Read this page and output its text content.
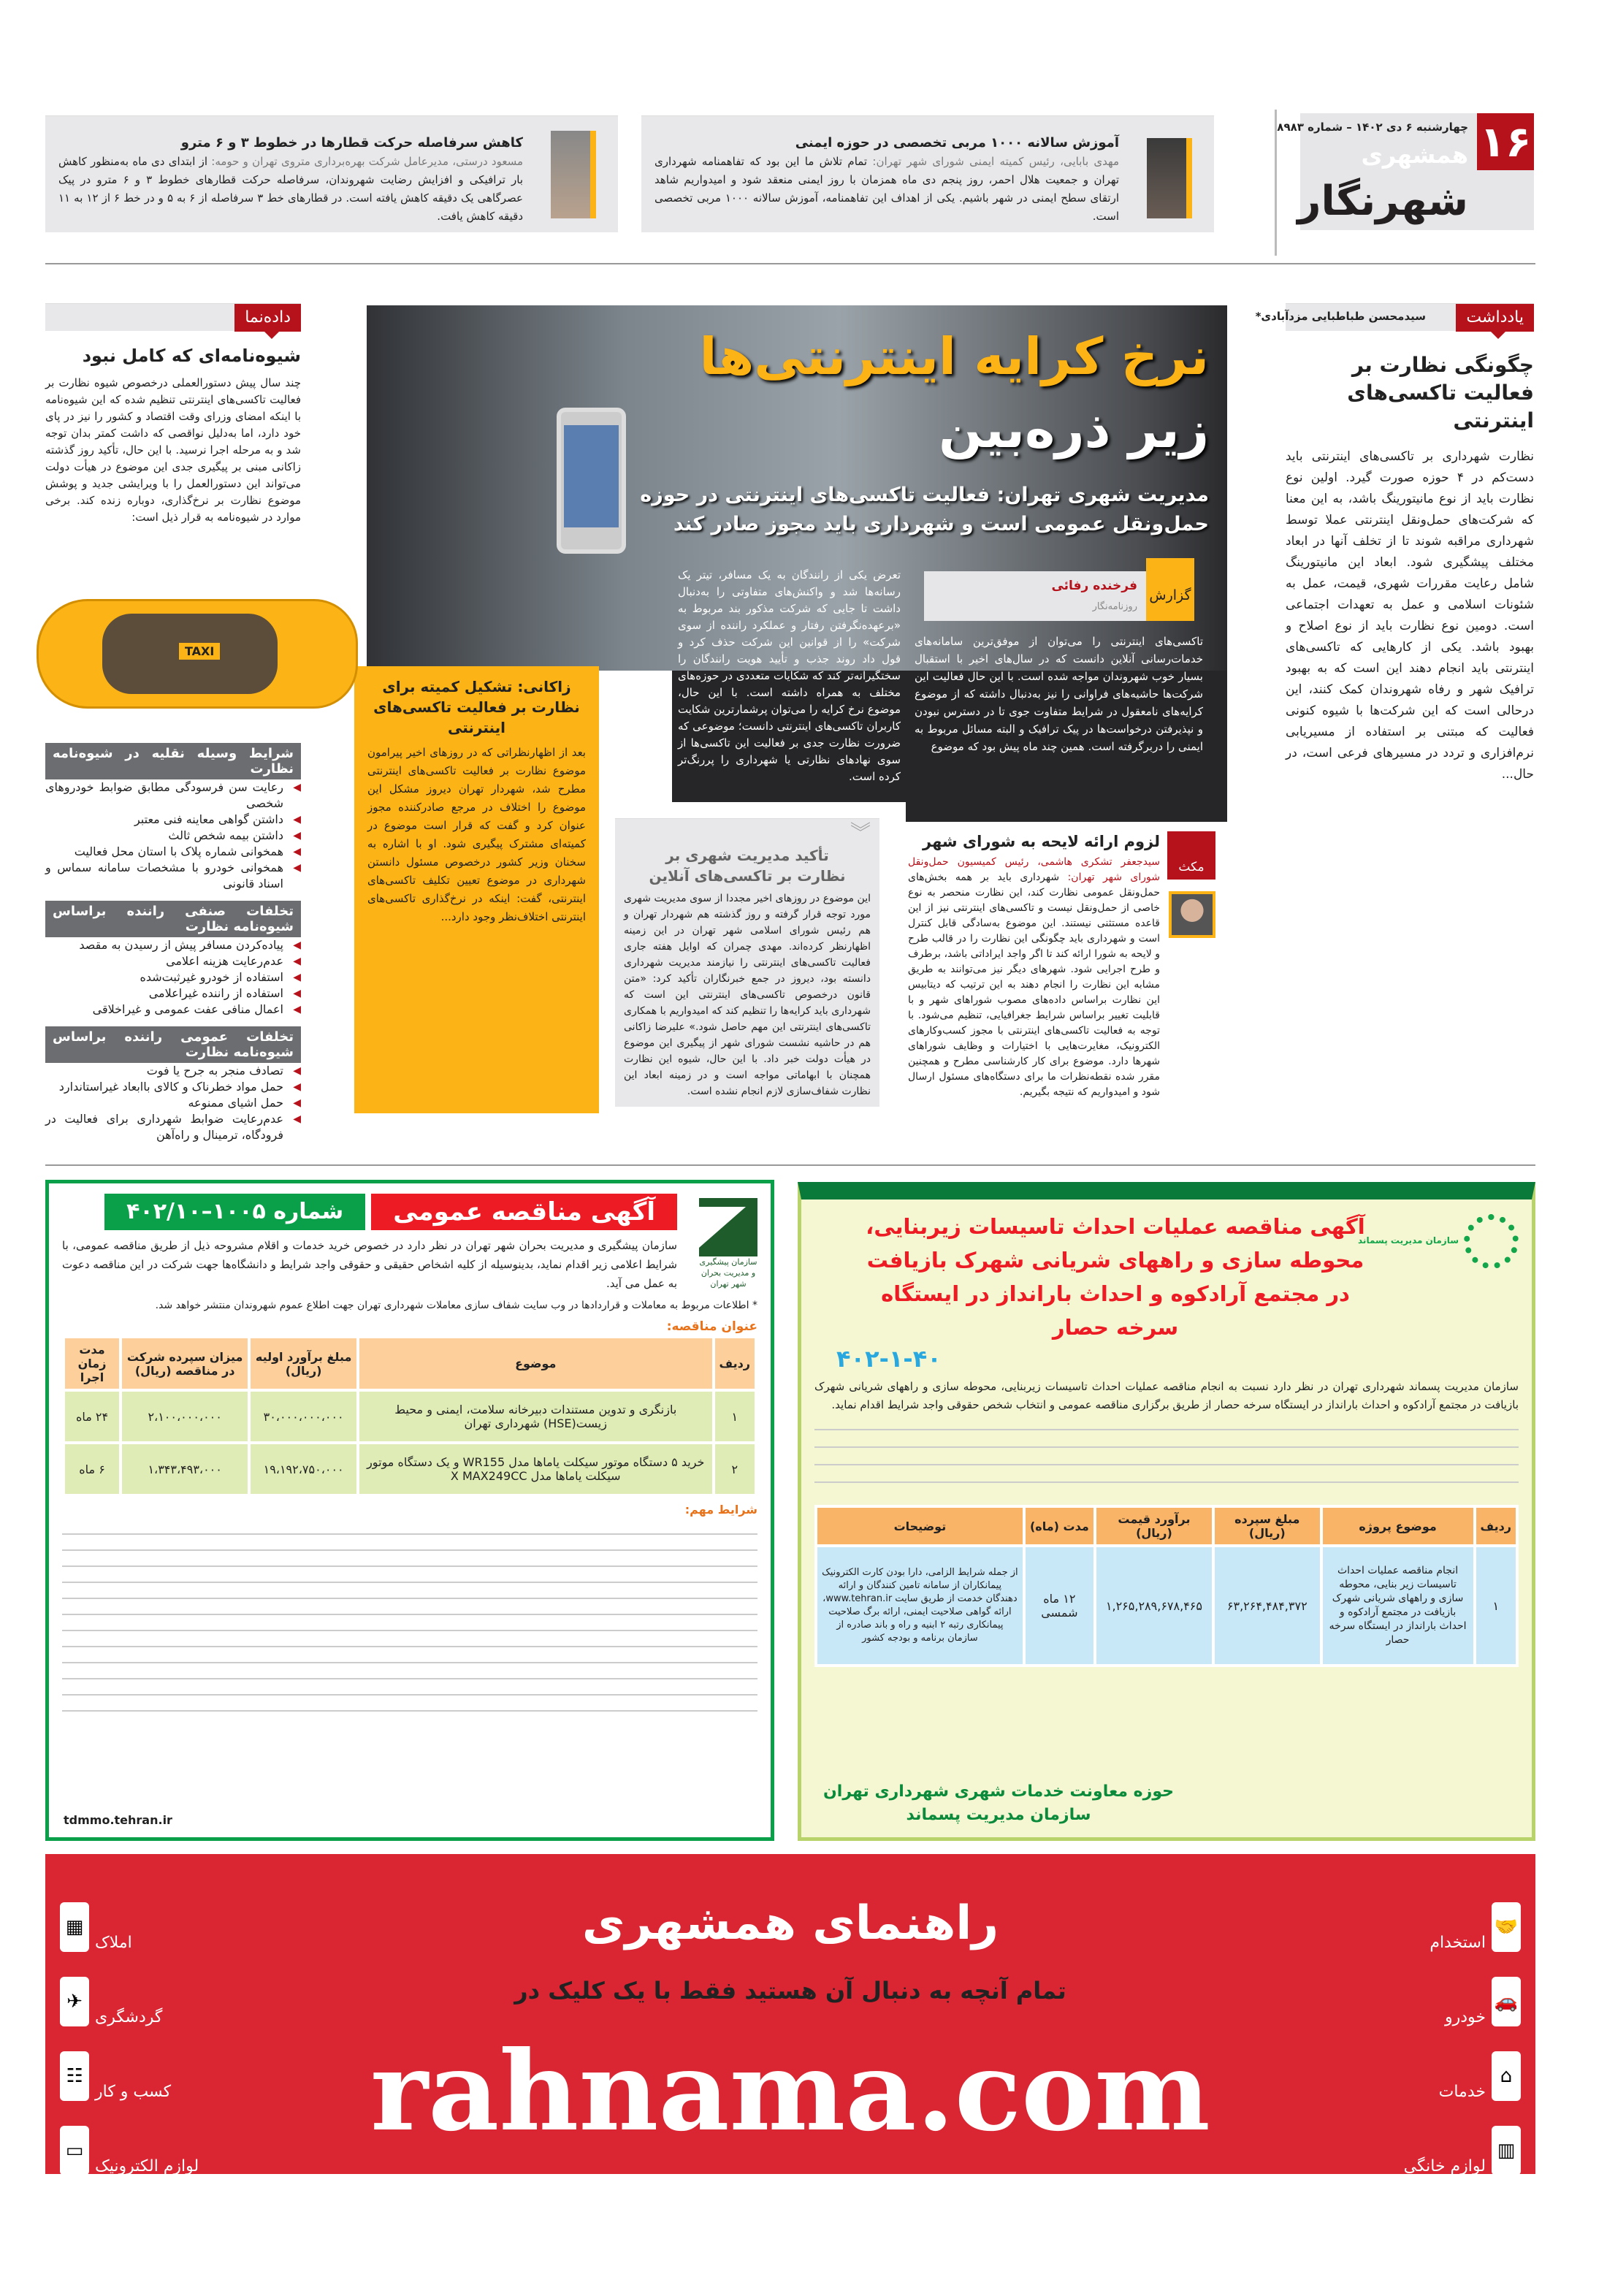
۱۶
چهارشنبه ۶ دی ۱۴۰۲ – شماره ۸۹۸۳
همشهری
شهرنگار
آموزش سالانه ۱۰۰۰ مربی تخصصی در حوزه ایمنی
مهدی بابایی، رئیس کمیته ایمنی شورای شهر تهران: تمام تلاش ما این بود که تفاهمنامه شهرداری تهران و جمعیت هلال احمر، روز پنجم دی ماه همزمان با روز ایمنی منعقد شود و امیدواریم شاهد ارتقای سطح ایمنی در شهر باشیم. یکی از اهداف این تفاهمنامه، آموزش سالانه ۱۰۰۰ مربی تخصصی است.
کاهش سرفاصله حرکت قطارها در خطوط ۳ و ۶ مترو
مسعود درستی، مدیرعامل شرکت بهره‌برداری متروی تهران و حومه: از ابتدای دی ماه به‌منظور کاهش بار ترافیکی و افزایش رضایت شهروندان، سرفاصله حرکت قطارهای خطوط ۳ و ۶ مترو در پیک عصرگاهی یک دقیقه کاهش یافته است. در قطارهای خط ۳ سرفاصله از ۶ به ۵ و در خط ۶ از ۱۲ به ۱۱ دقیقه کاهش یافت.
یادداشت
سیدمحسن طباطبایی مزدآبادی*
چگونگی نظارت بر فعالیت تاکسی‌های اینترنتی

نظارت شهرداری بر تاکسی‌های اینترنتی باید دست‌کم در ۴ حوزه صورت گیرد. اولین نوع نظارت باید از نوع مانیتورینگ باشد، به این معنا که شرکت‌های حمل‌ونقل اینترنتی عملا توسط شهرداری مراقبه شوند تا از تخلف آنها در ابعاد مختلف پیشگیری شود. ابعاد این مانیتورینگ شامل رعایت مقررات شهری، قیمت، عمل به شئونات اسلامی و عمل به تعهدات اجتماعی است. دومین نوع نظارت باید از نوع اصلاح و بهبود باشد. یکی از کارهایی که تاکسی‌های اینترنتی باید انجام دهند این است که به بهبود ترافیک شهر و رفاه شهروندان کمک کنند، این درحالی است که این شرکت‌ها با شیوه کنونی فعالیت که مبتنی بر استفاده از مسیریابی نرم‌افزاری و تردد در مسیرهای فرعی است، در حال...

نرخ کرایه اینترنتی‌ها
زیر ذره‌بین
مدیریت شهری تهران: فعالیت تاکسی‌های اینترنتی در حوزه حمل‌ونقل عمومی است و شهرداری باید مجوز صادر کند
گزارش
فرخنده رفائی
روزنامه‌نگار
تاکسی‌های اینترنتی را می‌توان از موفق‌ترین سامانه‌های خدمات‌رسانی آنلاین دانست که در سال‌های اخیر با استقبال بسیار خوب شهروندان مواجه شده است. با این حال فعالیت این شرکت‌ها حاشیه‌های فراوانی را نیز به‌دنبال داشته که از موضوع کرایه‌های نامعقول در شرایط متفاوت جوی تا در دسترس نبودن و نپذیرفتن درخواست‌ها در پیک ترافیک و البته مسائل مربوط به ایمنی را دربرگرفته است. همین چند ماه پیش بود که موضوع
تعرض یکی از رانندگان به یک مسافر، تیتر یک رسانه‌ها شد و واکنش‌های متفاوتی را به‌دنبال داشت تا جایی که شرکت مذکور بند مربوط به «برعهده‌نگرفتن رفتار و عملکرد راننده از سوی شرکت» را از قوانین این شرکت حذف کرد و قول داد روند جذب و تأیید هویت رانندگان را سختگیرانه‌تر کند که شکایات متعددی در حوزه‌های مختلف به همراه داشته است. با این حال، موضوع نرخ کرایه را می‌توان پرشمارترین شکایت کاربران تاکسی‌های اینترنتی دانست؛ موضوعی که ضرورت نظارت جدی بر فعالیت این تاکسی‌ها از سوی نهادهای نظارتی یا شهرداری را پررنگ‌تر کرده است.
مکث
لزوم ارائه لایحه به شورای شهر
سیدجعفر تشکری هاشمی، رئیس کمیسیون حمل‌ونقل شورای شهر تهران: شهرداری باید بر همه بخش‌های حمل‌ونقل عمومی نظارت کند، این نظارت منحصر به نوع خاصی از حمل‌ونقل نیست و تاکسی‌های اینترنتی نیز از این قاعده مستثنی نیستند. این موضوع به‌سادگی قابل کنترل است و شهرداری باید چگونگی این نظارت را در قالب طرح و لایحه به شورا ارائه کند تا اگر واجد ایراداتی باشد، برطرف و طرح اجرایی شود. شهرهای دیگر نیز می‌توانند به طریق مشابه این نظارت را انجام دهند به این ترتیب که دیتابیس این نظارت براساس داده‌های مصوب شوراهای شهر و با قابلیت تغییر براساس شرایط جغرافیایی، تنظیم می‌شود. با توجه به فعالیت تاکسی‌های اینترنتی با مجوز کسب‌وکارهای الکترونیک، مغایرت‌هایی با اختیارات و وظایف شوراهای شهرها دارد. موضوع برای کار کارشناسی مطرح و همچنین مقرر شده نقطه‌نظرات ما برای دستگاه‌های مسئول ارسال شود و امیدواریم که نتیجه بگیریم.
︾
تأکید مدیریت شهری بر نظارت بر تاکسی‌های آنلاین
این موضوع در روزهای اخیر مجددا از سوی مدیریت شهری مورد توجه قرار گرفته و روز گذشته هم شهردار تهران و هم رئیس شورای اسلامی شهر تهران در این زمینه اظهارنظر کرده‌اند. مهدی چمران که اوایل هفته جاری فعالیت تاکسی‌های اینترنتی را نیازمند مدیریت شهرداری دانسته بود، دیروز در جمع خبرنگاران تأکید کرد: «متن قانون درخصوص تاکسی‌های اینترنتی این است که شهرداری باید کرایه‌ها را تنظیم کند که امیدواریم با همکاری تاکسی‌های اینترنتی این مهم حاصل شود.» علیرضا زاکانی هم در حاشیه نشست شورای شهر از پیگیری این موضوع در هیأت دولت خبر داد. با این حال، شیوه این نظارت همچنان با ابهاماتی مواجه است و در زمینه ابعاد این نظارت شفاف‌سازی لازم انجام نشده است.
زاکانی: تشکیل کمیته برای نظارت بر فعالیت تاکسی‌های اینترنتی
بعد از اظهارنظراتی که در روزهای اخیر پیرامون موضوع نظارت بر فعالیت تاکسی‌های اینترنتی مطرح شد، شهردار تهران دیروز مشکل این موضوع را اختلاف در مرجع صادرکننده مجوز عنوان کرد و گفت که قرار است موضوع در کمیته‌ای مشترک پیگیری شود. او با اشاره به سخنان وزیر کشور درخصوص مسئول دانستن شهرداری در موضوع تعیین تکلیف تاکسی‌های اینترنتی، گفت: اینکه در نرخ‌گذاری تاکسی‌های اینترنتی اختلاف‌نظر وجود دارد...
داده‌نما
شیوه‌نامه‌ای که کامل نبود

چند سال پیش دستورالعملی درخصوص شیوه نظارت بر فعالیت تاکسی‌های اینترنتی تنظیم شده که این شیوه‌نامه با اینکه امضای وزرای وقت اقتصاد و کشور را نیز در پای خود دارد، اما به‌دلیل نواقصی که داشت کمتر بدان توجه شد و به مرحله اجرا نرسید. با این حال، تأکید روز گذشته زاکانی مبنی بر پیگیری جدی این موضوع در هیأت دولت می‌تواند این دستورالعمل را با ویرایشی جدید و پوشش موضوع نظارت بر نرخ‌گذاری، دوباره زنده کند. برخی موارد در شیوه‌نامه به قرار ذیل است:

TAXI
شرایط وسیله نقلیه در شیوه‌نامه نظارت
◀ رعایت سن فرسودگی مطابق ضوابط خودروهای شخصی
◀ داشتن گواهی معاینه فنی معتبر
◀ داشتن بیمه شخص ثالث
◀ همخوانی شماره پلاک با استان محل فعالیت
◀ همخوانی خودرو با مشخصات سامانه سماس و اسناد قانونی
تخلفات صنفی راننده براساس شیوه‌نامه نظارت
◀ پیاده‌کردن مسافر پیش از رسیدن به مقصد
◀ عدم‌رعایت هزینه اعلامی
◀ استفاده از خودرو غیرثبت‌شده
◀ استفاده از راننده غیراعلامی
◀ اعمال منافی عفت عمومی و غیراخلاقی
تخلفات عمومی راننده براساس شیوه‌نامه نظارت
◀ تصادف منجر به جرح یا فوت
◀ حمل مواد خطرناک و کالای باابعاد غیراستاندارد
◀ حمل اشیای ممنوعه
◀ عدم‌رعایت ضوابط شهرداری برای فعالیت در فرودگاه، ترمینال و راه‌آهن
سازمان پیشگیری و مدیریت بحران شهر تهران
آگهی مناقصه عمومی
شماره ۱۰۰۵–۴۰۲/۱۰

سازمان پیشگیری و مدیریت بحران شهر تهران در نظر دارد در خصوص خرید خدمات و اقلام مشروحه ذیل از طریق مناقصه عمومی، با شرایط اعلامی زیر اقدام نماید، بدینوسیله از کلیه اشخاص حقیقی و حقوقی واجد شرایط و دانشگاه‌ها جهت شرکت در این مناقصه دعوت به عمل می آید.

* اطلاعات مربوط به معاملات و قراردادها در وب سایت شفاف سازی معاملات شهرداری تهران جهت اطلاع عموم شهروندان منتشر خواهد شد.

عنوان مناقصه:
ردیف	موضوع	مبلغ برآورد اولیه (ریال)	میزان سپرده شرکت در مناقصه (ریال)	مدت زمان اجرا
۱	بازنگری و تدوین مستندات دبیرخانه سلامت، ایمنی و محیط زیست(HSE) شهرداری تهران	۳۰،۰۰۰،۰۰۰،۰۰۰	۲،۱۰۰،۰۰۰،۰۰۰	۲۴ ماه
۲	خرید ۵ دستگاه موتور سیکلت یاماها مدل WR155 و یک دستگاه موتور سیکلت یاماها مدل X MAX249CC	۱۹،۱۹۲،۷۵۰،۰۰۰	۱،۳۴۳،۴۹۳،۰۰۰	۶ ماه
شرایط مهم:
tdmmo.tehran.ir
سازمان مدیریت پسماند
آگهی مناقصه عملیات احداث تاسیسات زیربنایی، محوطه سازی و راههای شریانی شهرک بازیافت در مجتمع آرادکوه و احداث بارانداز در ایستگاه سرخه حصار
۴۰۲-۱-۴۰

سازمان مدیریت پسماند شهرداری تهران در نظر دارد نسبت به انجام مناقصه عملیات احداث تاسیسات زیربنایی، محوطه سازی و راههای شریانی شهرک بازیافت در مجتمع آرادکوه و احداث بارانداز در ایستگاه سرخه حصار از طریق برگزاری مناقصه عمومی و انتخاب شخص حقوقی واجد شرایط اقدام نماید.

ردیف	موضوع پروژه	مبلغ سپرده (ریال)	برآورد قیمت (ریال)	مدت (ماه)	توضیحات
۱	انجام مناقصه عملیات احداث تاسیسات زیر بنایی، محوطه سازی و راههای شریانی شهرک بازیافت در مجتمع آرادکوه و احداث بارانداز در ایستگاه سرخه حصار	۶۳,۲۶۴,۴۸۴,۳۷۲	۱,۲۶۵,۲۸۹,۶۷۸,۴۶۵	۱۲ ماه شمسی	از جمله شرایط الزامی، دارا بودن کارت الکترونیک پیمانکاران از سامانه تامین کنندگان و ارائه دهندگان خدمت از طریق سایت www.tehran.ir، ارائه گواهی صلاحیت ایمنی، ارائه برگ صلاحیت پیمانکاری رتبه ۲ ابنیه و راه و باند صادره از سازمان برنامه و بودجه کشور
حوزه معاونت خدمات شهری شهرداری تهران
سازمان مدیریت پسماند
راهنمای همشهری
تمام آنچه به دنبال آن هستید فقط با یک کلیک در
rahnama.com
🤝
استخدام
🚗
خودرو
⌂
خدمات
▥
لوازم خانگی
▦
املاک
✈
گردشگری
☷
کسب و کار
▭
لوازم الکترونیک
